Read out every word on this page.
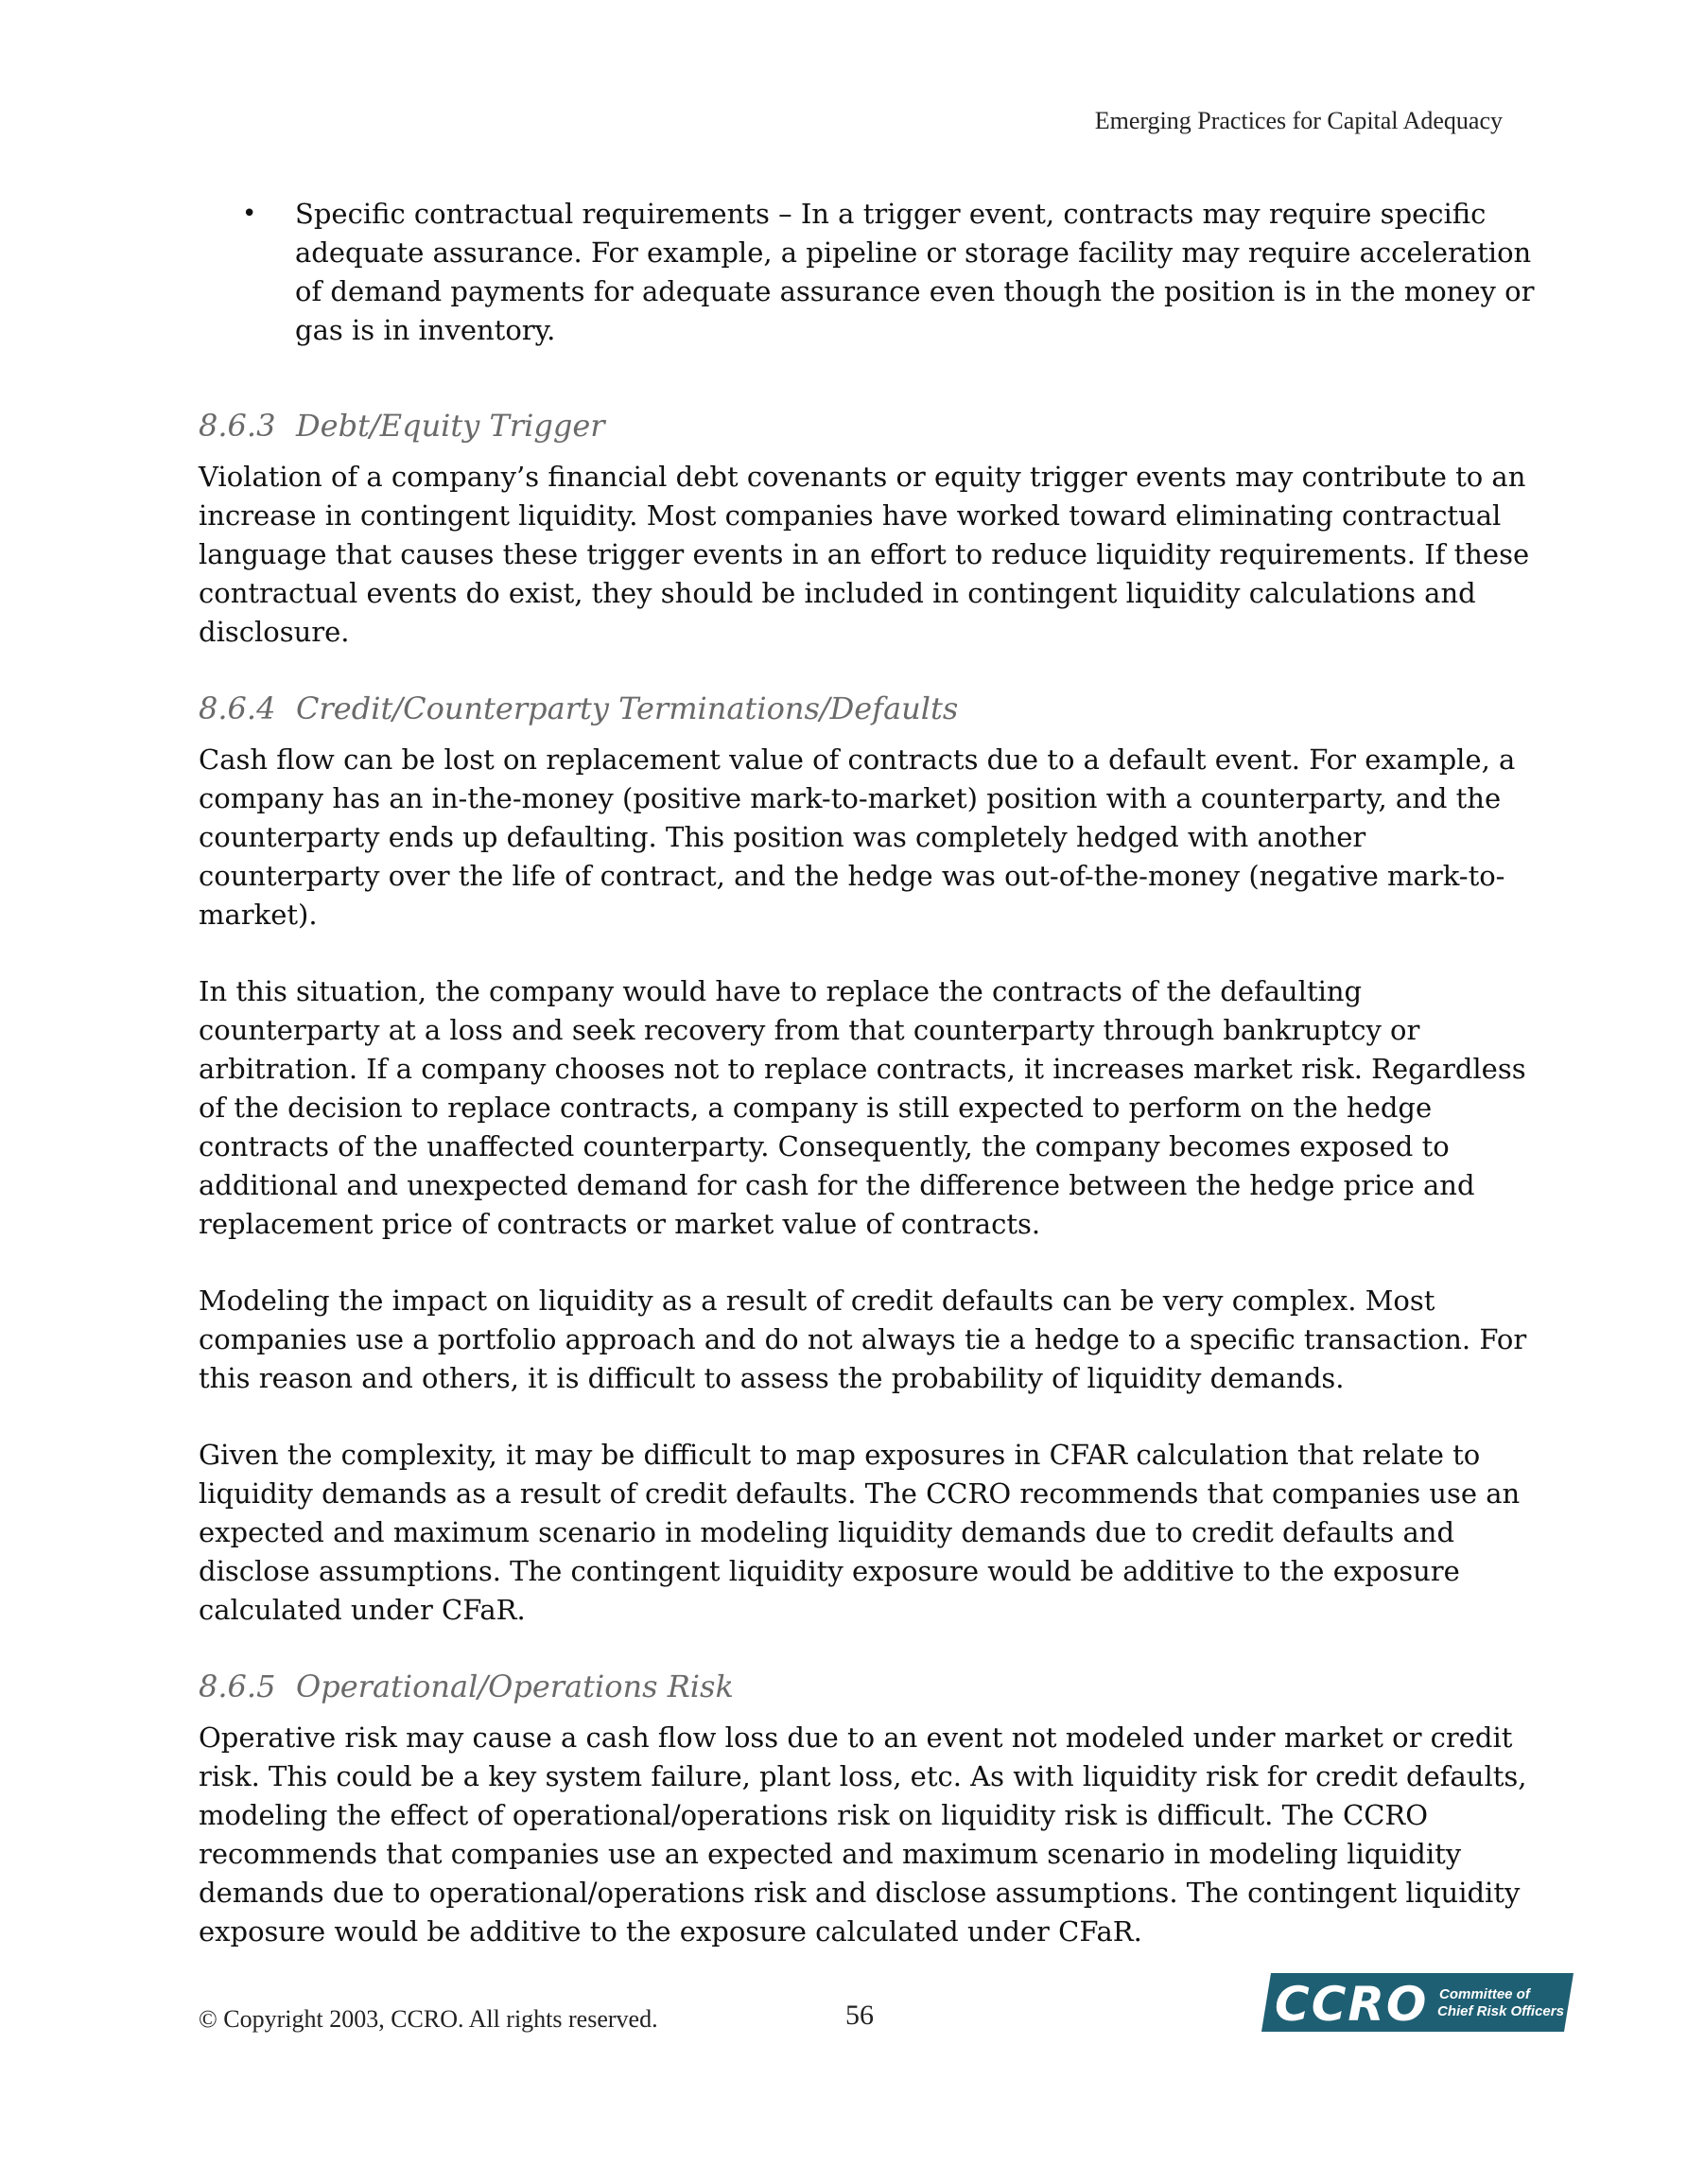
Emerging Practices for Capital Adequacy
•	Specific contractual requirements – In a trigger event, contracts may require specific adequate assurance. For example, a pipeline or storage facility may require acceleration of demand payments for adequate assurance even though the position is in the money or gas is in inventory.
8.6.3 Debt/Equity Trigger

Violation of a company’s financial debt covenants or equity trigger events may contribute to an increase in contingent liquidity. Most companies have worked toward eliminating contractual language that causes these trigger events in an effort to reduce liquidity requirements. If these contractual events do exist, they should be included in contingent liquidity calculations and disclosure.

8.6.4 Credit/Counterparty Terminations/Defaults

Cash flow can be lost on replacement value of contracts due to a default event. For example, a company has an in-the-money (positive mark-to-market) position with a counterparty, and the counterparty ends up defaulting. This position was completely hedged with another counterparty over the life of contract, and the hedge was out-of-the-money (negative mark-to-market).

In this situation, the company would have to replace the contracts of the defaulting counterparty at a loss and seek recovery from that counterparty through bankruptcy or arbitration. If a company chooses not to replace contracts, it increases market risk. Regardless of the decision to replace contracts, a company is still expected to perform on the hedge contracts of the unaffected counterparty. Consequently, the company becomes exposed to additional and unexpected demand for cash for the difference between the hedge price and replacement price of contracts or market value of contracts.

Modeling the impact on liquidity as a result of credit defaults can be very complex. Most companies use a portfolio approach and do not always tie a hedge to a specific transaction. For this reason and others, it is difficult to assess the probability of liquidity demands.

Given the complexity, it may be difficult to map exposures in CFAR calculation that relate to liquidity demands as a result of credit defaults. The CCRO recommends that companies use an expected and maximum scenario in modeling liquidity demands due to credit defaults and disclose assumptions. The contingent liquidity exposure would be additive to the exposure calculated under CFaR.

8.6.5 Operational/Operations Risk

Operative risk may cause a cash flow loss due to an event not modeled under market or credit risk. This could be a key system failure, plant loss, etc. As with liquidity risk for credit defaults, modeling the effect of operational/operations risk on liquidity risk is difficult. The CCRO recommends that companies use an expected and maximum scenario in modeling liquidity demands due to operational/operations risk and disclose assumptions. The contingent liquidity exposure would be additive to the exposure calculated under CFaR.

© Copyright 2003, CCRO. All rights reserved.	56	CCRO Committee of
Chief Risk Officers
